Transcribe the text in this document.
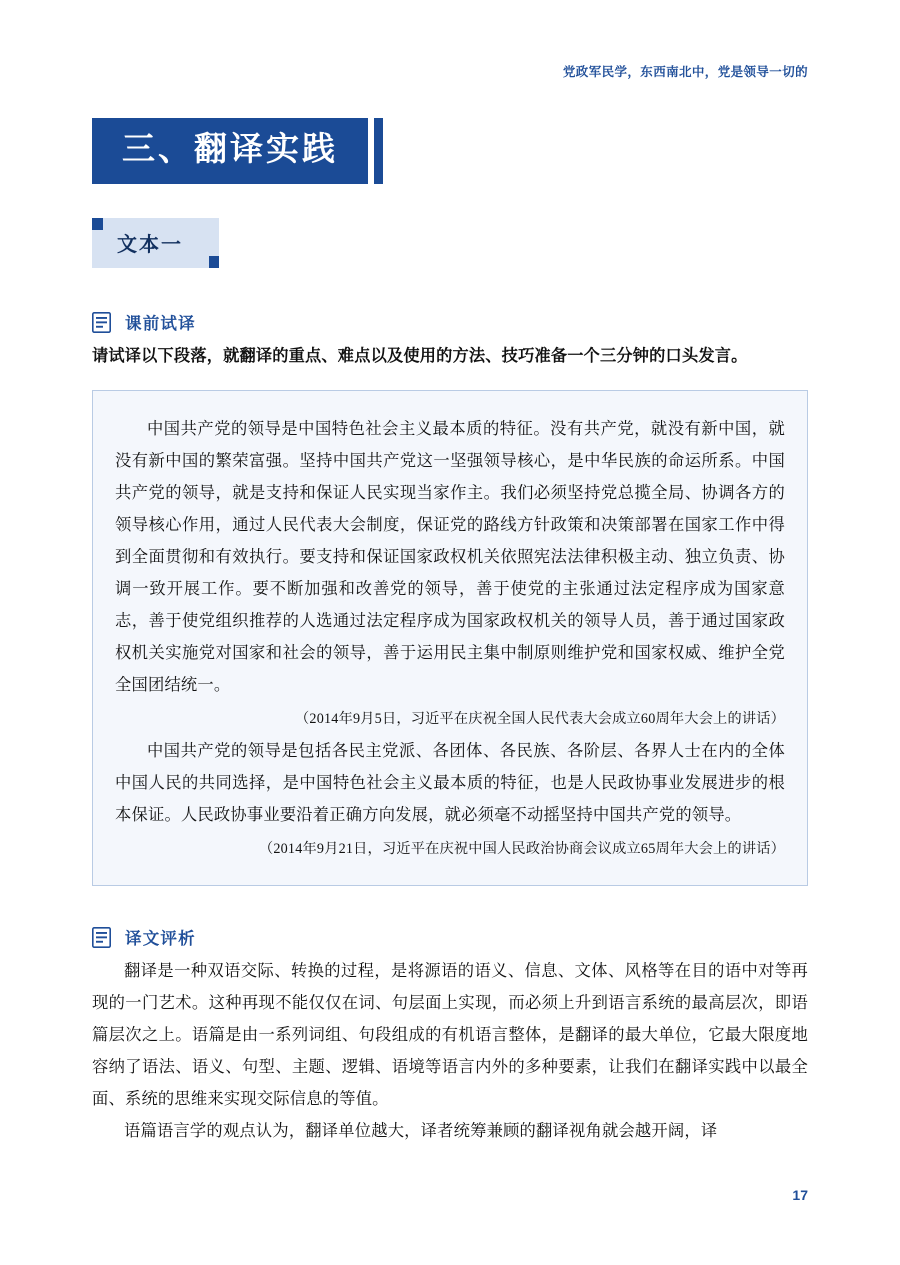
党政军民学，东西南北中，党是领导一切的
三、翻译实践
文本一
课前试译
请试译以下段落，就翻译的重点、难点以及使用的方法、技巧准备一个三分钟的口头发言。

中国共产党的领导是中国特色社会主义最本质的特征。没有共产党，就没有新中国，就没有新中国的繁荣富强。坚持中国共产党这一坚强领导核心，是中华民族的命运所系。中国共产党的领导，就是支持和保证人民实现当家作主。我们必须坚持党总揽全局、协调各方的领导核心作用，通过人民代表大会制度，保证党的路线方针政策和决策部署在国家工作中得到全面贯彻和有效执行。要支持和保证国家政权机关依照宪法法律积极主动、独立负责、协调一致开展工作。要不断加强和改善党的领导，善于使党的主张通过法定程序成为国家意志，善于使党组织推荐的人选通过法定程序成为国家政权机关的领导人员，善于通过国家政权机关实施党对国家和社会的领导，善于运用民主集中制原则维护党和国家权威、维护全党全国团结统一。

（2014年9月5日，习近平在庆祝全国人民代表大会成立60周年大会上的讲话）

中国共产党的领导是包括各民主党派、各团体、各民族、各阶层、各界人士在内的全体中国人民的共同选择，是中国特色社会主义最本质的特征，也是人民政协事业发展进步的根本保证。人民政协事业要沿着正确方向发展，就必须毫不动摇坚持中国共产党的领导。

（2014年9月21日，习近平在庆祝中国人民政治协商会议成立65周年大会上的讲话）

译文评析

翻译是一种双语交际、转换的过程，是将源语的语义、信息、文体、风格等在目的语中对等再现的一门艺术。这种再现不能仅仅在词、句层面上实现，而必须上升到语言系统的最高层次，即语篇层次之上。语篇是由一系列词组、句段组成的有机语言整体，是翻译的最大单位，它最大限度地容纳了语法、语义、句型、主题、逻辑、语境等语言内外的多种要素，让我们在翻译实践中以最全面、系统的思维来实现交际信息的等值。

语篇语言学的观点认为，翻译单位越大，译者统筹兼顾的翻译视角就会越开阔，译

17
